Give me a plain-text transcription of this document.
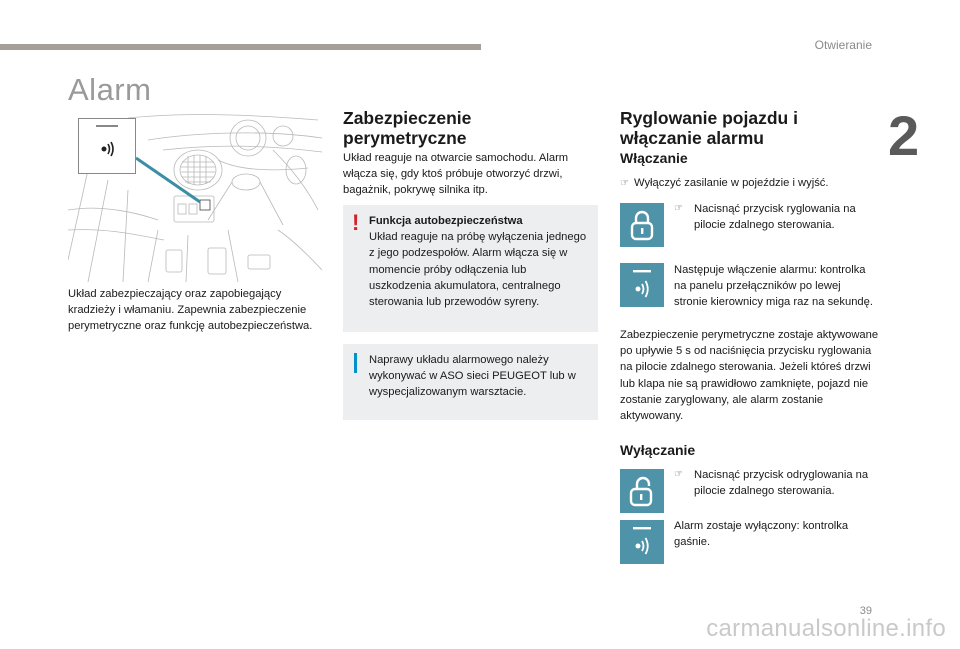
Otwieranie
2
Alarm
Układ zabezpieczający oraz zapobiegający kradzieży i włamaniu. Zapewnia zabezpieczenie perymetryczne oraz funkcję autobezpieczeństwa.
Zabezpieczenie perymetryczne
Układ reaguje na otwarcie samochodu. Alarm włącza się, gdy ktoś próbuje otworzyć drzwi, bagażnik, pokrywę silnika itp.
! Funkcja autobezpieczeństwa
Układ reaguje na próbę wyłączenia jednego z jego podzespołów. Alarm włącza się w momencie próby odłączenia lub uszkodzenia akumulatora, centralnego sterowania lub przewodów syreny.
Naprawy układu alarmowego należy wykonywać w ASO sieci PEUGEOT lub w wyspecjalizowanym warsztacie.
Ryglowanie pojazdu i włączanie alarmu
Włączanie
☞ Wyłączyć zasilanie w pojeździe i wyjść.
☞ Nacisnąć przycisk ryglowania na pilocie zdalnego sterowania.
Następuje włączenie alarmu: kontrolka na panelu przełączników po lewej stronie kierownicy miga raz na sekundę.
Zabezpieczenie perymetryczne zostaje aktywowane po upływie 5 s od naciśnięcia przycisku ryglowania na pilocie zdalnego sterowania. Jeżeli któreś drzwi lub klapa nie są prawidłowo zamknięte, pojazd nie zostanie zaryglowany, ale alarm zostanie aktywowany.
Wyłączanie
☞ Nacisnąć przycisk odryglowania na pilocie zdalnego sterowania.
Alarm zostaje wyłączony: kontrolka gaśnie.
39
carmanualsonline.info
